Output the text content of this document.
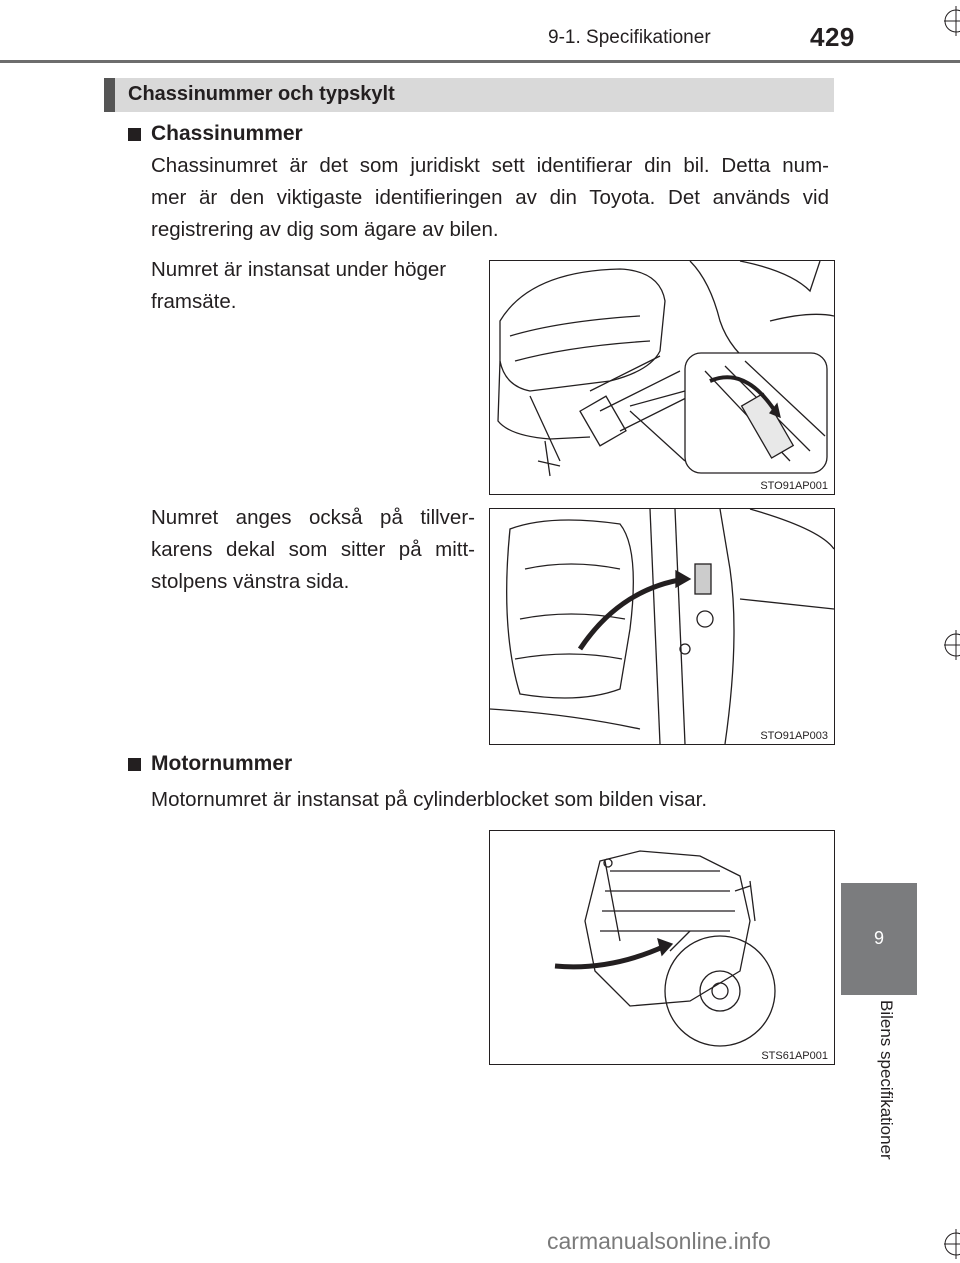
9-1. Specifikationer	429
Chassinummer och typskylt
Chassinummer
Chassinumret är det som juridiskt sett identifierar din bil. Detta num-
mer är den viktigaste identifieringen av din Toyota. Det används vid
registrering av dig som ägare av bilen.
Numret är instansat under höger
framsäte.
STO91AP001
Numret anges också på tillver-
karens dekal som sitter på mitt-
stolpens vänstra sida.
STO91AP003
Motornummer
Motornumret är instansat på cylinderblocket som bilden visar.
STS61AP001
9
Bilens specifikationer
carmanualsonline.info
